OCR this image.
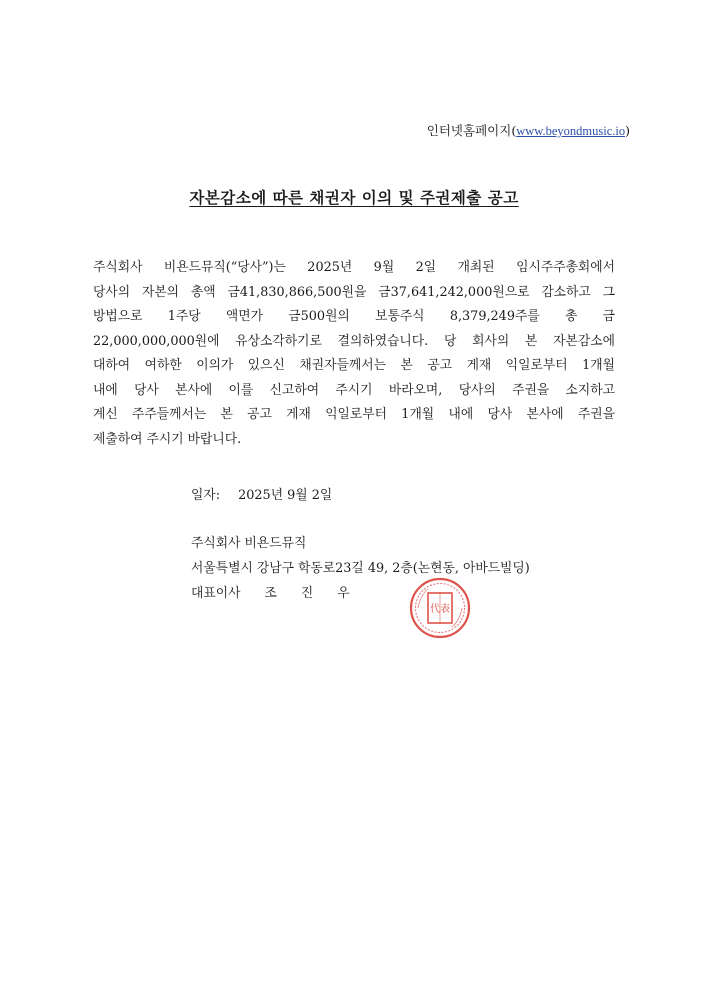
인터넷홈페이지(www.beyondmusic.io)
자본감소에 따른 채권자 이의 및 주권제출 공고
주식회사 비욘드뮤직(“당사”)는 2025년 9월 2일 개최된 임시주주총회에서
당사의 자본의 총액 금41,830,866,500원을 금37,641,242,000원으로 감소하고 그
방법으로 1주당 액면가 금500원의 보통주식 8,379,249주를 총 금
22,000,000,000원에 유상소각하기로 결의하였습니다. 당 회사의 본 자본감소에
대하여 여하한 이의가 있으신 채권자들께서는 본 공고 게재 익일로부터 1개월
내에 당사 본사에 이를 신고하여 주시기 바라오며, 당사의 주권을 소지하고
계신 주주들께서는 본 공고 게재 익일로부터 1개월 내에 당사 본사에 주권을
제출하여 주시기 바랍니다.
일자: 2025년 9월 2일
주식회사 비욘드뮤직
서울특별시 강남구 학동로23길 49, 2층(논현동, 아바드빌딩)
대표이사 조 진 우
代表
